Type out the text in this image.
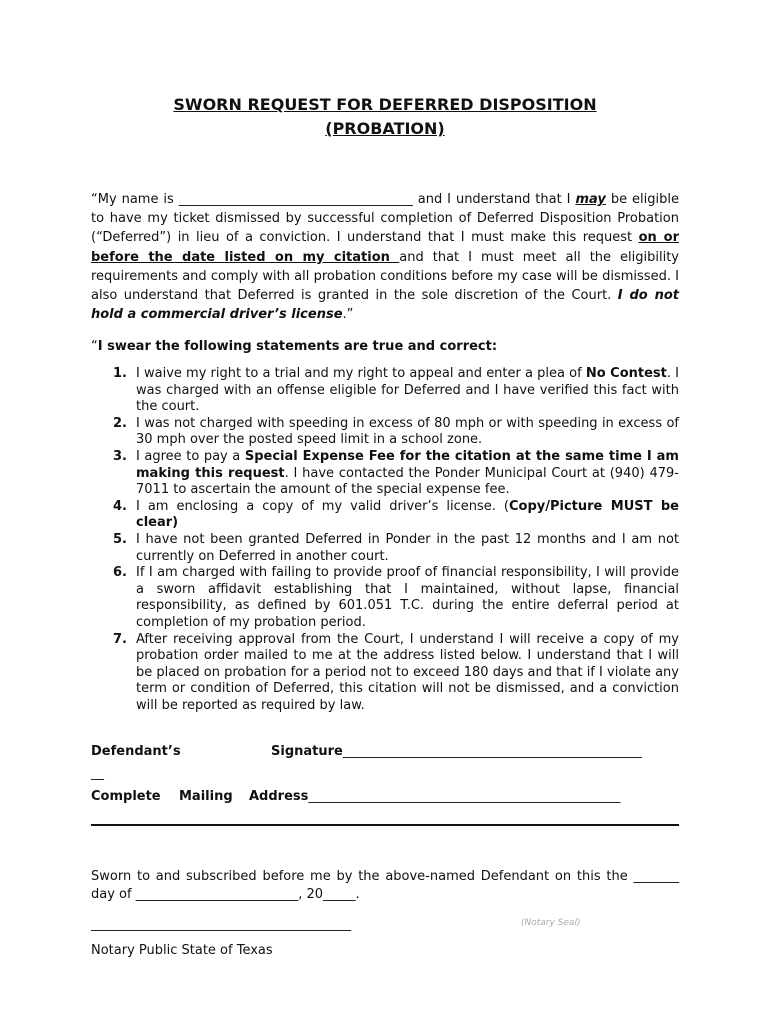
SWORN REQUEST FOR DEFERRED DISPOSITION
(PROBATION)
“My name is ____________________________________ and I understand that I may be eligible to have my ticket dismissed by successful completion of Deferred Disposition Probation (“Deferred”) in lieu of a conviction. I understand that I must make this request on or before the date listed on my citation and that I must meet all the eligibility requirements and comply with all probation conditions before my case will be dismissed. I also understand that Deferred is granted in the sole discretion of the Court. I do not hold a commercial driver’s license.”
“I swear the following statements are true and correct:
1. I waive my right to a trial and my right to appeal and enter a plea of No Contest. I was charged with an offense eligible for Deferred and I have verified this fact with the court.
2. I was not charged with speeding in excess of 80 mph or with speeding in excess of 30 mph over the posted speed limit in a school zone.
3. I agree to pay a Special Expense Fee for the citation at the same time I am making this request. I have contacted the Ponder Municipal Court at (940) 479-7011 to ascertain the amount of the special expense fee.
4. I am enclosing a copy of my valid driver’s license. (Copy/Picture MUST be clear)
5. I have not been granted Deferred in Ponder in the past 12 months and I am not currently on Deferred in another court.
6. If I am charged with failing to provide proof of financial responsibility, I will provide a sworn affidavit establishing that I maintained, without lapse, financial responsibility, as defined by 601.051 T.C. during the entire deferral period at completion of my probation period.
7. After receiving approval from the Court, I understand I will receive a copy of my probation order mailed to me at the address listed below. I understand that I will be placed on probation for a period not to exceed 180 days and that if I violate any term or condition of Deferred, this citation will not be dismissed, and a conviction will be reported as required by law.
Defendant’s	Signature______________________________________________
__
Complete Mailing Address________________________________________________
__
Sworn to and subscribed before me by the above-named Defendant on this the _______ day of _________________________, 20_____.
________________________________________	(Notary Seal)
Notary Public State of Texas
